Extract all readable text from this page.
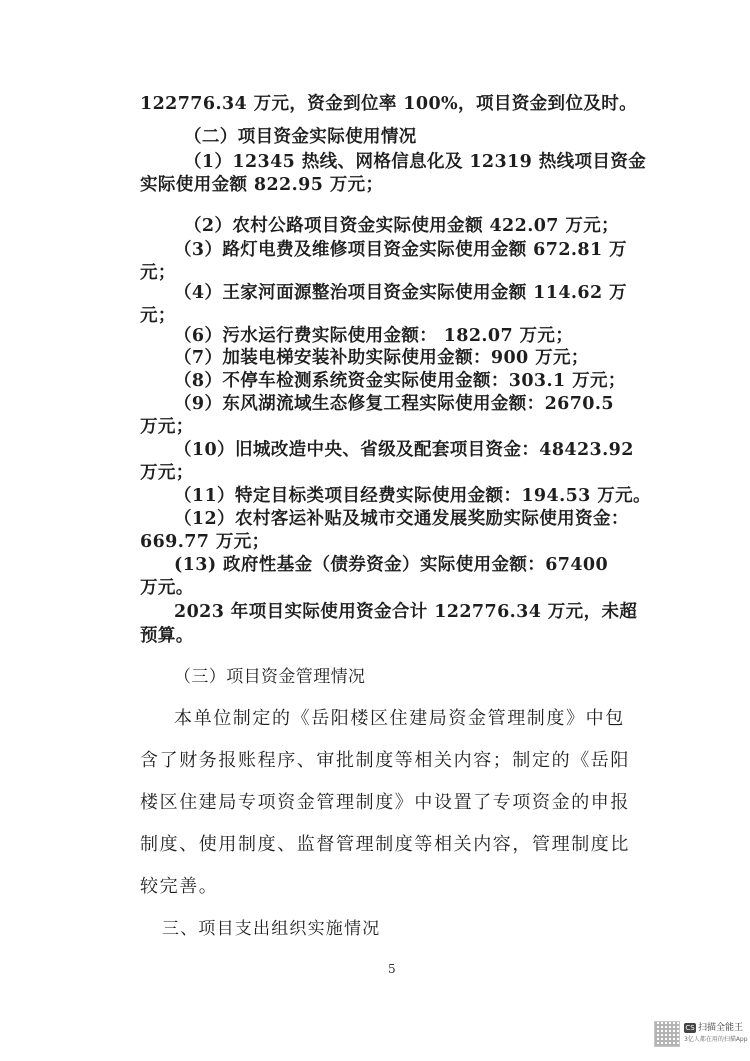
122776.34 万元，资金到位率 100%，项目资金到位及时。
（二）项目资金实际使用情况
（1）12345 热线、网格信息化及 12319 热线项目资金
实际使用金额 822.95 万元；
（2）农村公路项目资金实际使用金额 422.07 万元；
（3）路灯电费及维修项目资金实际使用金额 672.81 万
元；
（4）王家河面源整治项目资金实际使用金额 114.62 万
元；
（6）污水运行费实际使用金额： 182.07 万元；
（7）加装电梯安装补助实际使用金额：900 万元；
（8）不停车检测系统资金实际使用金额：303.1 万元；
（9）东风湖流域生态修复工程实际使用金额：2670.5
万元；
（10）旧城改造中央、省级及配套项目资金：48423.92
万元；
（11）特定目标类项目经费实际使用金额：194.53 万元。
（12）农村客运补贴及城市交通发展奖励实际使用资金：
669.77 万元；
(13) 政府性基金（债券资金）实际使用金额：67400
万元。
2023 年项目实际使用资金合计 122776.34 万元，未超
预算。
（三）项目资金管理情况
本单位制定的《岳阳楼区住建局资金管理制度》中包
含了财务报账程序、审批制度等相关内容；制定的《岳阳
楼区住建局专项资金管理制度》中设置了专项资金的申报
制度、使用制度、监督管理制度等相关内容，管理制度比
较完善。
三、项目支出组织实施情况
5
CS 扫描全能王
3亿人都在用的扫描App
